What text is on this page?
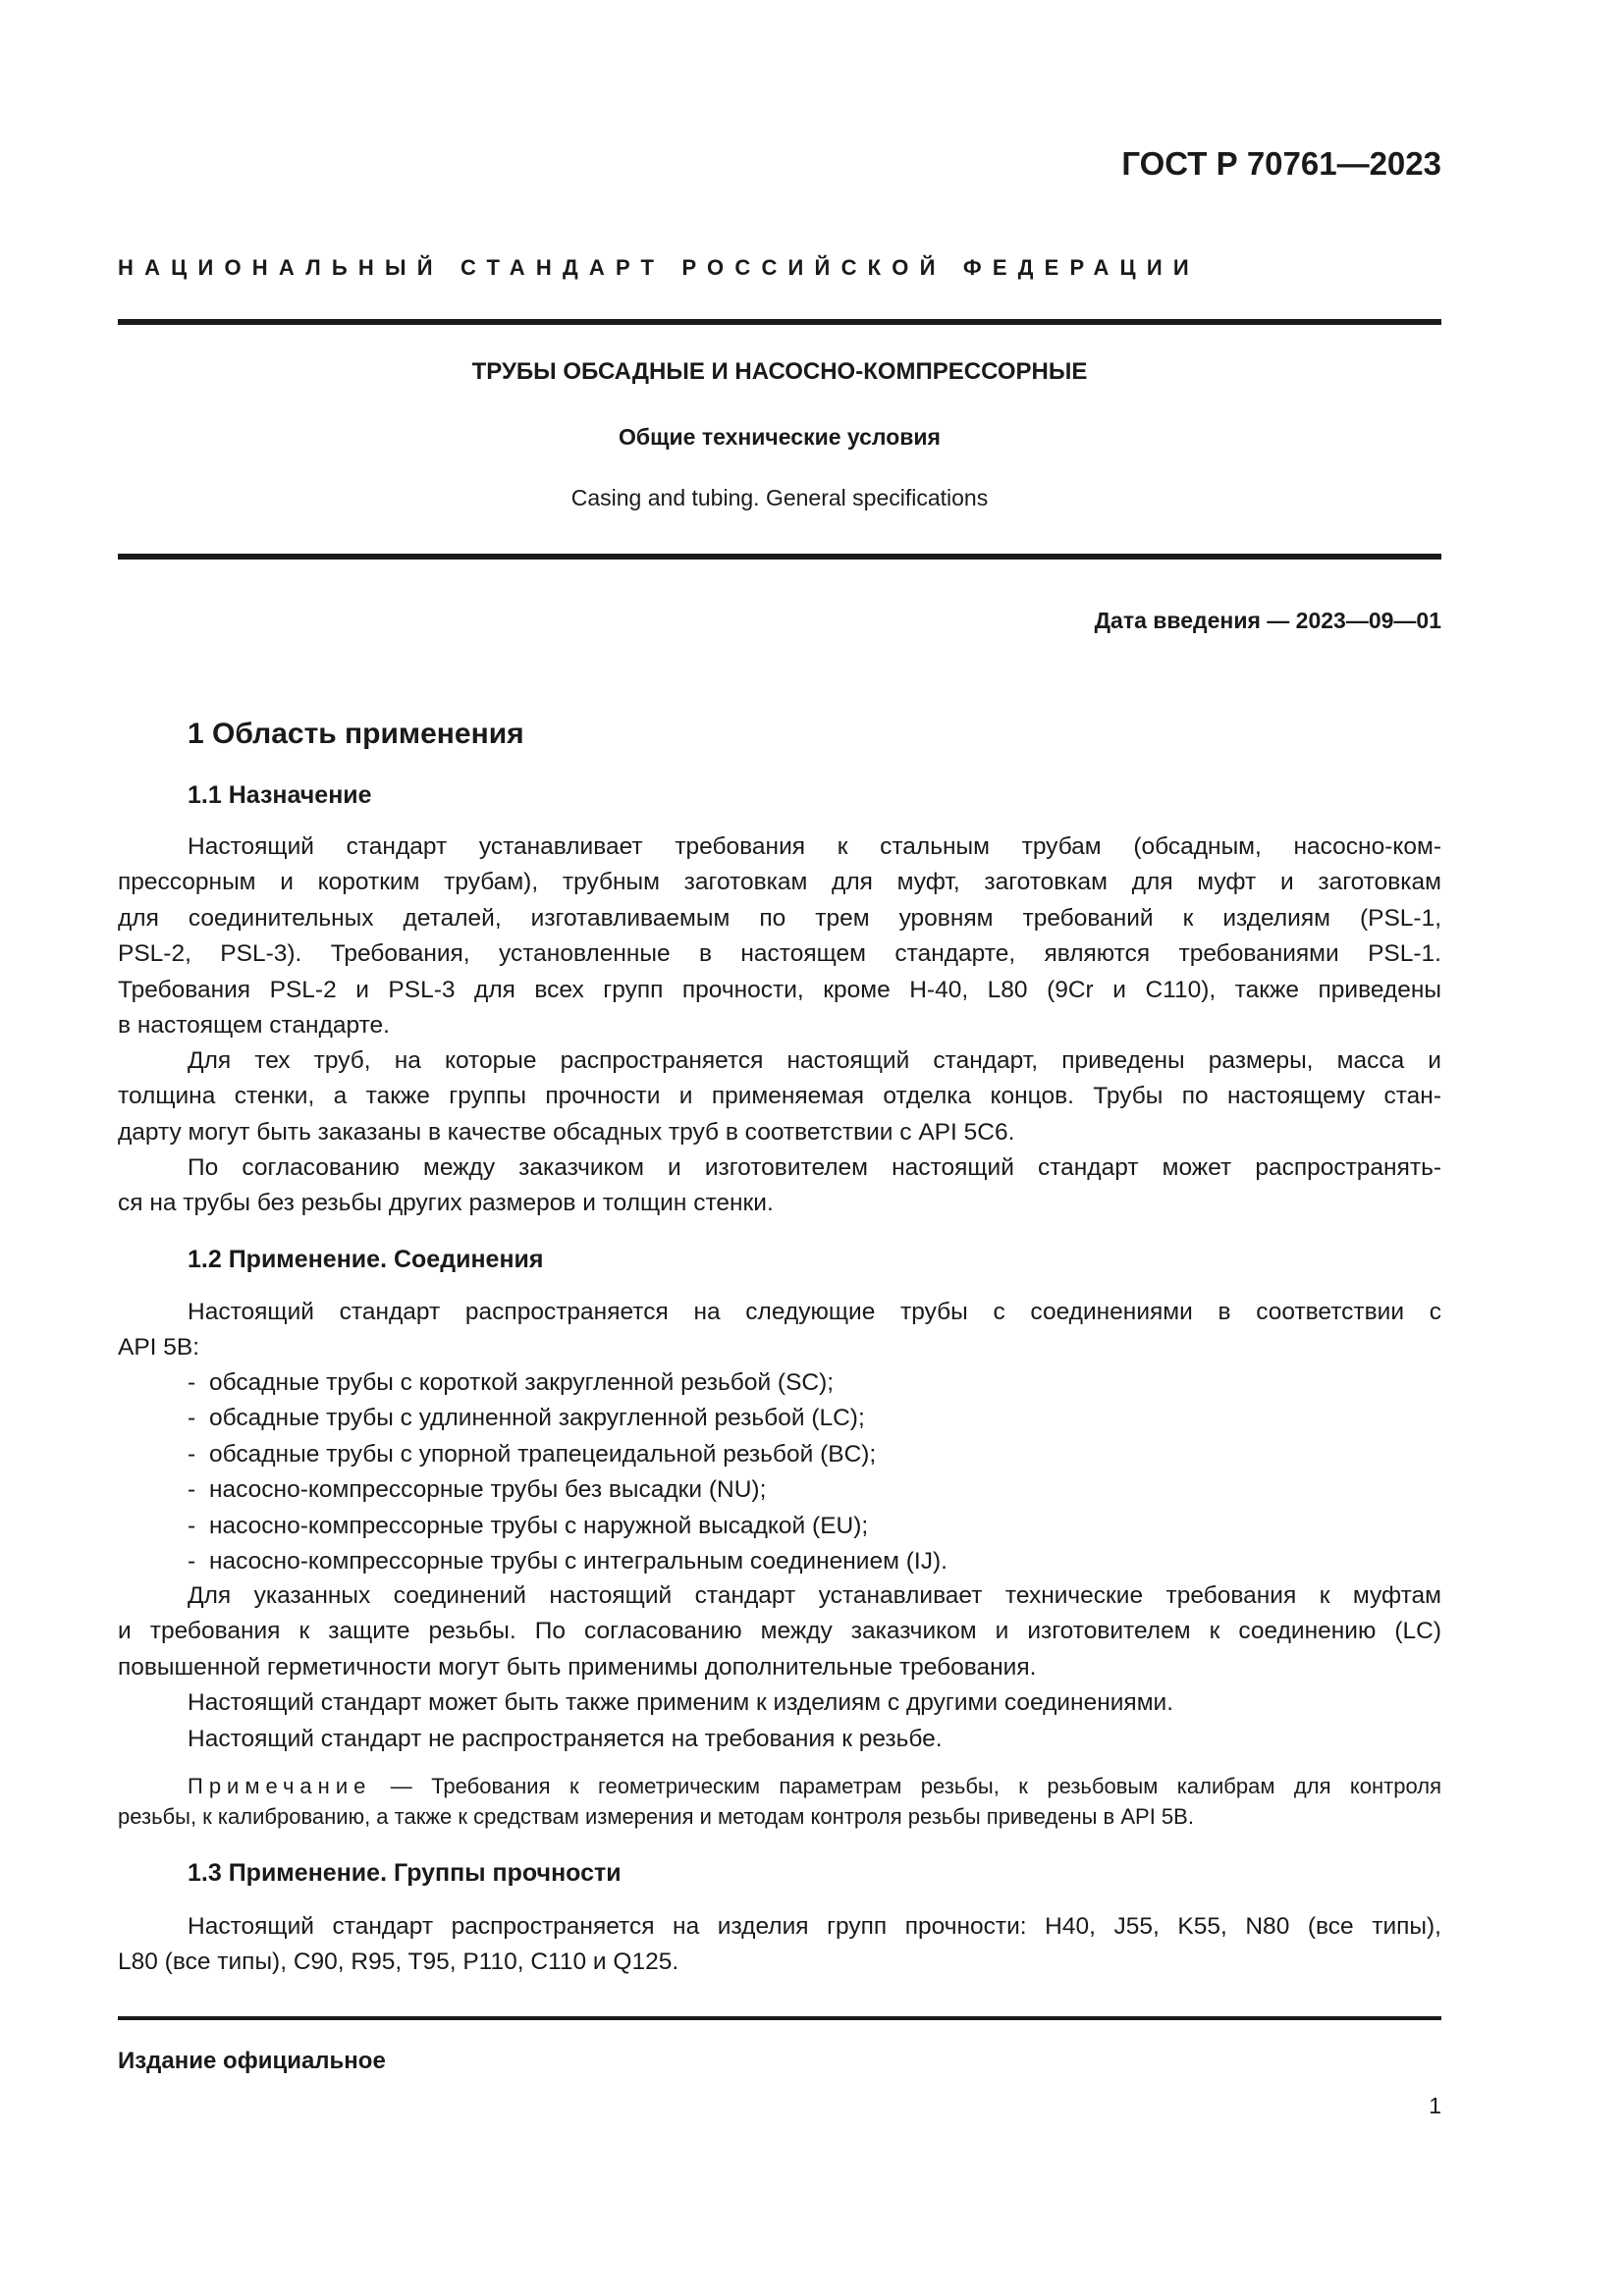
ГОСТ Р 70761—2023
НАЦИОНАЛЬНЫЙ СТАНДАРТ РОССИЙСКОЙ ФЕДЕРАЦИИ
ТРУБЫ ОБСАДНЫЕ И НАСОСНО-КОМПРЕССОРНЫЕ
Общие технические условия
Casing and tubing. General specifications
Дата введения — 2023—09—01
1 Область применения
1.1 Назначение
Настоящий стандарт устанавливает требования к стальным трубам (обсадным, насосно-ком-
прессорным и коротким трубам), трубным заготовкам для муфт, заготовкам для муфт и заготовкам
для соединительных деталей, изготавливаемым по трем уровням требований к изделиям (PSL-1,
PSL-2, PSL-3). Требования, установленные в настоящем стандарте, являются требованиями PSL-1.
Требования PSL-2 и PSL-3 для всех групп прочности, кроме Н-40, L80 (9Cr и C110), также приведены
в настоящем стандарте.
Для тех труб, на которые распространяется настоящий стандарт, приведены размеры, масса и
толщина стенки, а также группы прочности и применяемая отделка концов. Трубы по настоящему стан-
дарту могут быть заказаны в качестве обсадных труб в соответствии с API 5C6.
По согласованию между заказчиком и изготовителем настоящий стандарт может распространять-
ся на трубы без резьбы других размеров и толщин стенки.
1.2 Применение. Соединения
Настоящий стандарт распространяется на следующие трубы с соединениями в соответствии с
API 5B:
- обсадные трубы с короткой закругленной резьбой (SC);
- обсадные трубы с удлиненной закругленной резьбой (LC);
- обсадные трубы с упорной трапецеидальной резьбой (BC);
- насосно-компрессорные трубы без высадки (NU);
- насосно-компрессорные трубы с наружной высадкой (EU);
- насосно-компрессорные трубы с интегральным соединением (IJ).
Для указанных соединений настоящий стандарт устанавливает технические требования к муфтам
и требования к защите резьбы. По согласованию между заказчиком и изготовителем к соединению (LC)
повышенной герметичности могут быть применимы дополнительные требования.
Настоящий стандарт может быть также применим к изделиям с другими соединениями.
Настоящий стандарт не распространяется на требования к резьбе.
Примечание — Требования к геометрическим параметрам резьбы, к резьбовым калибрам для контроля
резьбы, к калиброванию, а также к средствам измерения и методам контроля резьбы приведены в API 5B.
1.3 Применение. Группы прочности
Настоящий стандарт распространяется на изделия групп прочности: H40, J55, K55, N80 (все типы),
L80 (все типы), C90, R95, T95, P110, C110 и Q125.
Издание официальное
1
